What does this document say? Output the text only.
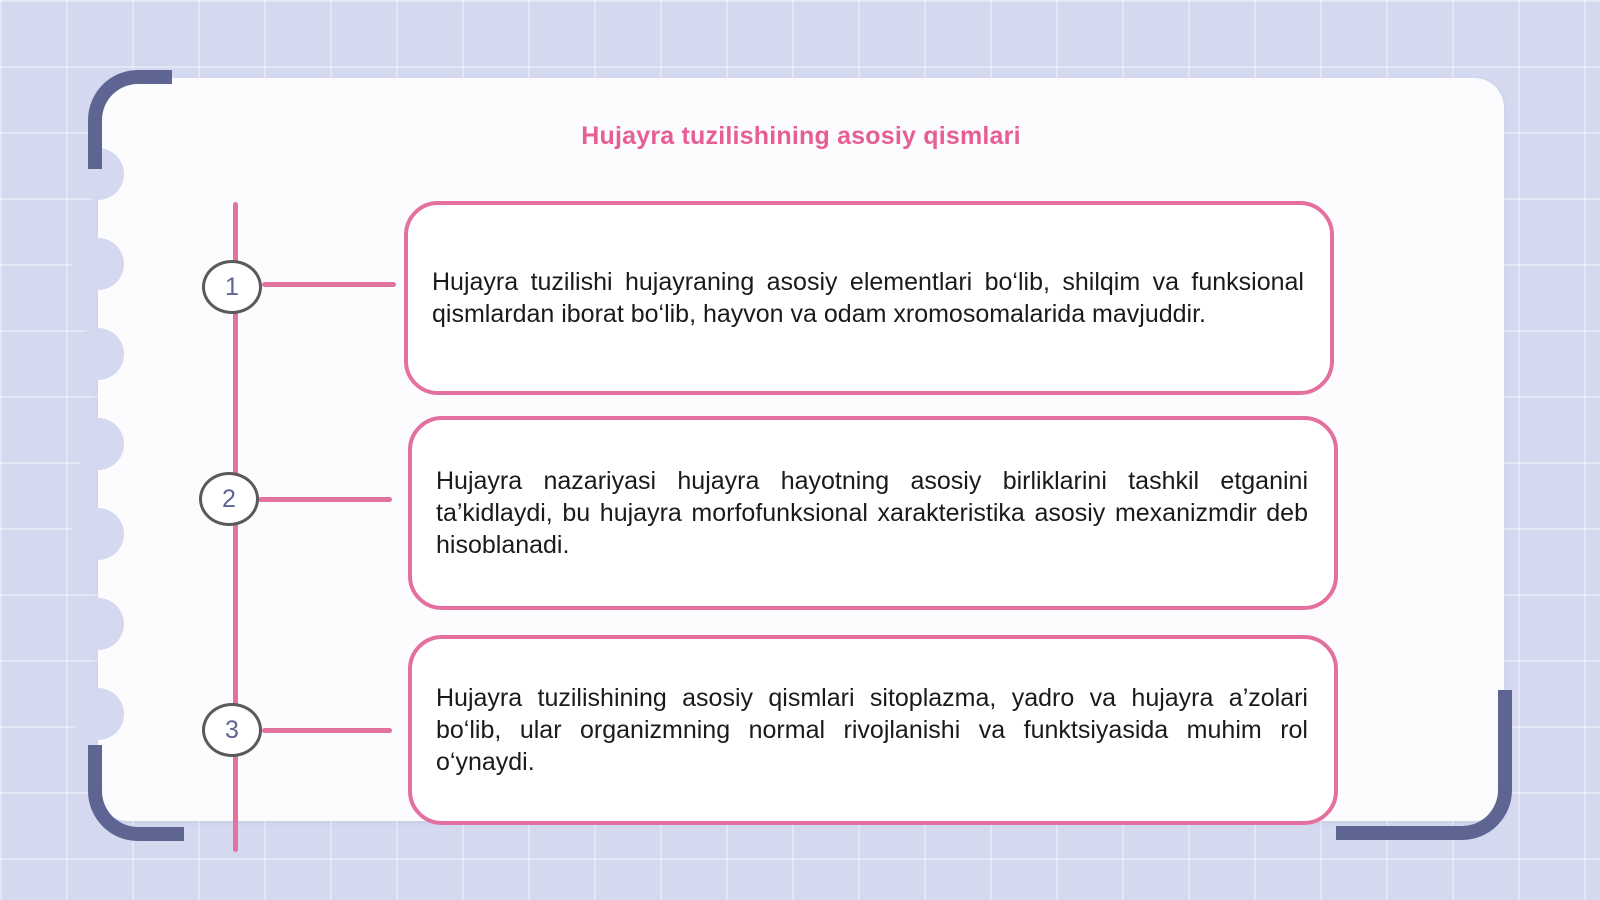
Hujayra tuzilishining asosiy qismlari
1
2
3

Hujayra tuzilishi hujayraning asosiy elementlari bo‘lib, shilqim va funksional qismlardan iborat bo‘lib, hayvon va odam xromosomalarida mavjuddir.

Hujayra nazariyasi hujayra hayotning asosiy birliklarini tashkil etganini ta’kidlaydi, bu hujayra morfofunksional xarakteristika asosiy mexanizmdir deb hisoblanadi.

Hujayra tuzilishining asosiy qismlari sitoplazma, yadro va hujayra a’zolari bo‘lib, ular organizmning normal rivojlanishi va funktsiyasida muhim rol o‘ynaydi.
